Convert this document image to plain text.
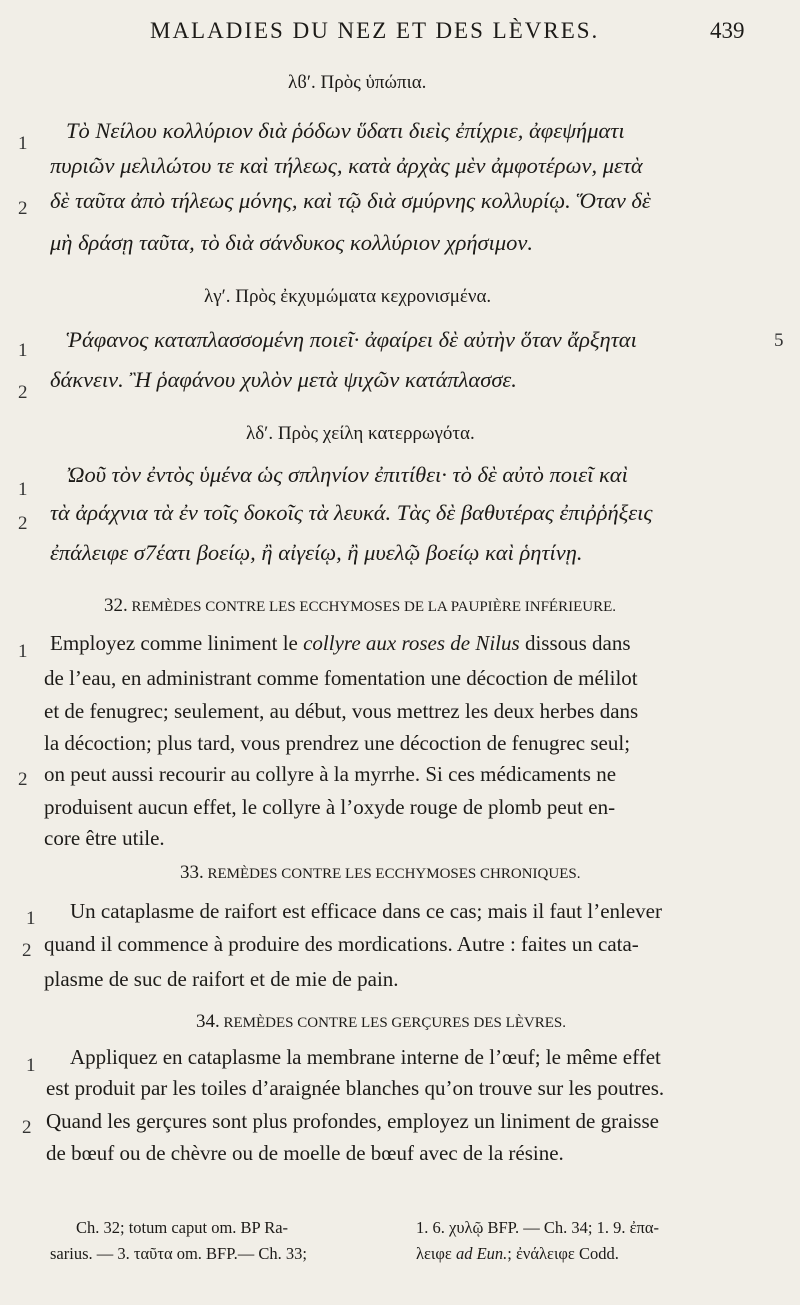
MALADIES DU NEZ ET DES LÈVRES.	439
λϐʹ. Πρὸς ὑπώπια.
1
Τὸ Νείλου κολλύριον διὰ ῥόδων ὕδατι διεὶς ἐπίχριε, ἀφεψήματι
πυριῶν μελιλώτου τε καὶ τήλεως, κατὰ ἀρχὰς μὲν ἀμφοτέρων, μετὰ
2 δὲ ταῦτα ἀπὸ τήλεως μόνης, καὶ τῷ διὰ σμύρνης κολλυρίῳ. Ὅταν δὲ
μὴ δράσῃ ταῦτα, τὸ διὰ σάνδυκος κολλύριον χρήσιμον.
λγʹ. Πρὸς ἐκχυμώματα κεχρονισμένα.
1 Ῥάφανος καταπλασσομένη ποιεῖ· ἀφαίρει δὲ αὐτὴν ὅταν ἄρξηται	5
2
δάκνειν. Ἢ ῥαφάνου χυλὸν μετὰ ψιχῶν κατάπλασσε.
λδʹ. Πρὸς χείλη κατερρωγότα.
1
Ὠοῦ τὸν ἐντὸς ὑμένα ὡς σπληνίον ἐπιτίθει· τὸ δὲ αὐτὸ ποιεῖ καὶ
2 τὰ ἀράχνια τὰ ἐν τοῖς δοκοῖς τὰ λευκά. Τὰς δὲ βαθυτέρας ἐπιῤῥήξεις
ἐπάλειφε σ7έατι βοείῳ, ἢ αἰγείῳ, ἢ μυελῷ βοείῳ καὶ ῥητίνῃ.
32. REMÈDES CONTRE LES ECCHYMOSES DE LA PAUPIÈRE INFÉRIEURE.
1 Employez comme liniment le collyre aux roses de Nilus dissous dans
de l’eau, en administrant comme fomentation une décoction de mélilot
et de fenugrec; seulement, au début, vous mettrez les deux herbes dans
la décoction; plus tard, vous prendrez une décoction de fenugrec seul;
2 on peut aussi recourir au collyre à la myrrhe. Si ces médicaments ne
produisent aucun effet, le collyre à l’oxyde rouge de plomb peut en-
core être utile.
33. REMÈDES CONTRE LES ECCHYMOSES CHRONIQUES.
1 Un cataplasme de raifort est efficace dans ce cas; mais il faut l’enlever
2 quand il commence à produire des mordications. Autre : faites un cata-
plasme de suc de raifort et de mie de pain.
34. REMÈDES CONTRE LES GERÇURES DES LÈVRES.
1 Appliquez en cataplasme la membrane interne de l’œuf; le même effet
est produit par les toiles d’araignée blanches qu’on trouve sur les poutres.
2 Quand les gerçures sont plus profondes, employez un liniment de graisse
de bœuf ou de chèvre ou de moelle de bœuf avec de la résine.
Ch. 32; totum caput om. BP Ra-
sarius. — 3. ταῦτα om. BFP.— Ch. 33;
1. 6. χυλῷ BFP. — Ch. 34; 1. 9. ἐπα-
λειφε ad Eun.; ἐνάλειφε Codd.
